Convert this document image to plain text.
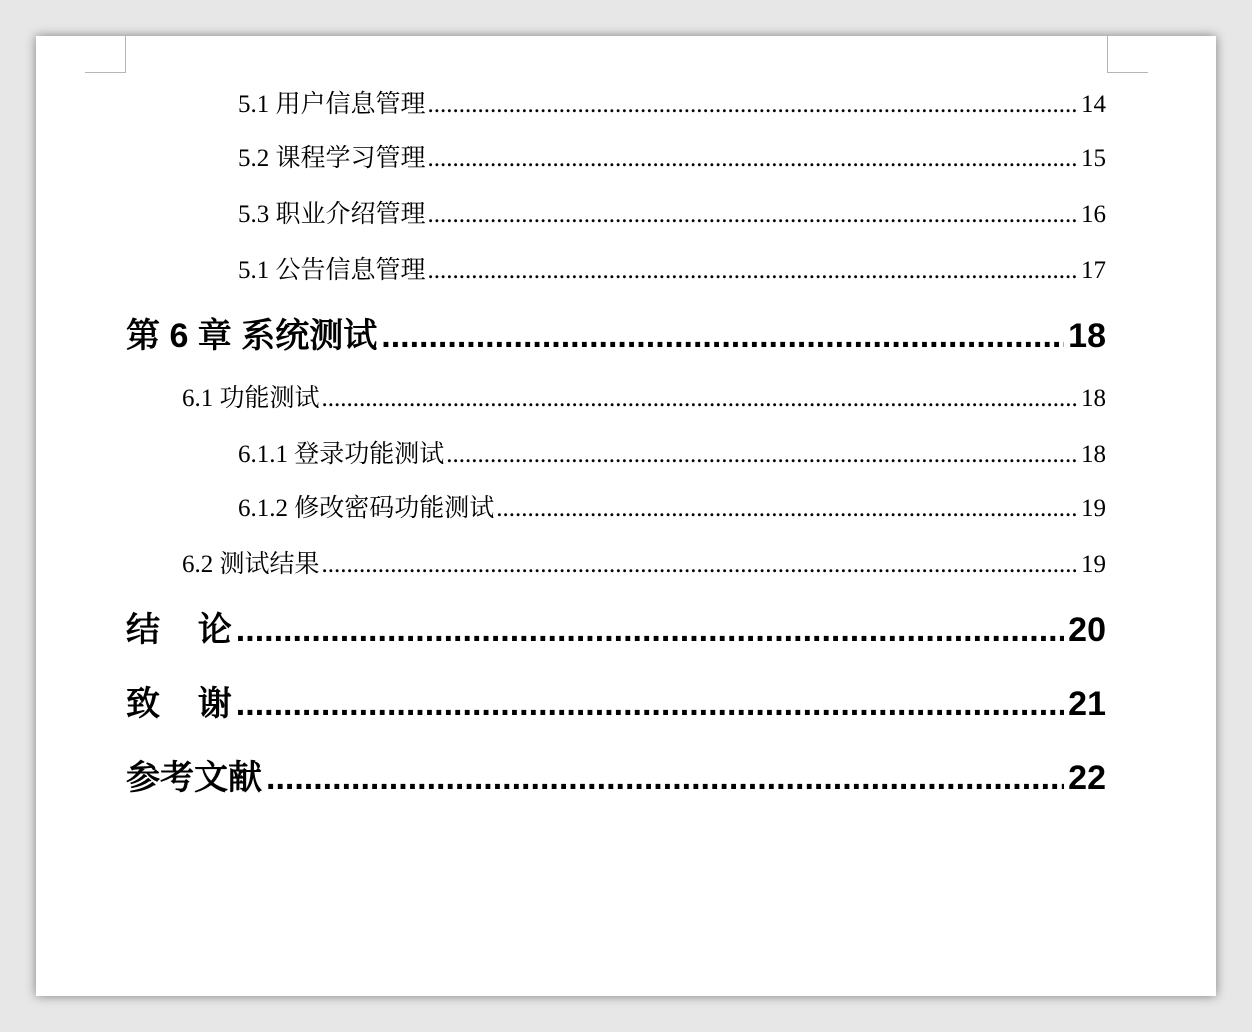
5.1 用户信息管理 .....	14
5.2 课程学习管理 .....	15
5.3 职业介绍管理 .....	16
5.1 公告信息管理 .....	17
第 6 章 系统测试 .....	18
6.1 功能测试 .....	18
6.1.1 登录功能测试 .....	18
6.1.2 修改密码功能测试 .....	19
6.2 测试结果 .....	19
结    论 .....	20
致    谢 .....	21
参考文献 .....	22
